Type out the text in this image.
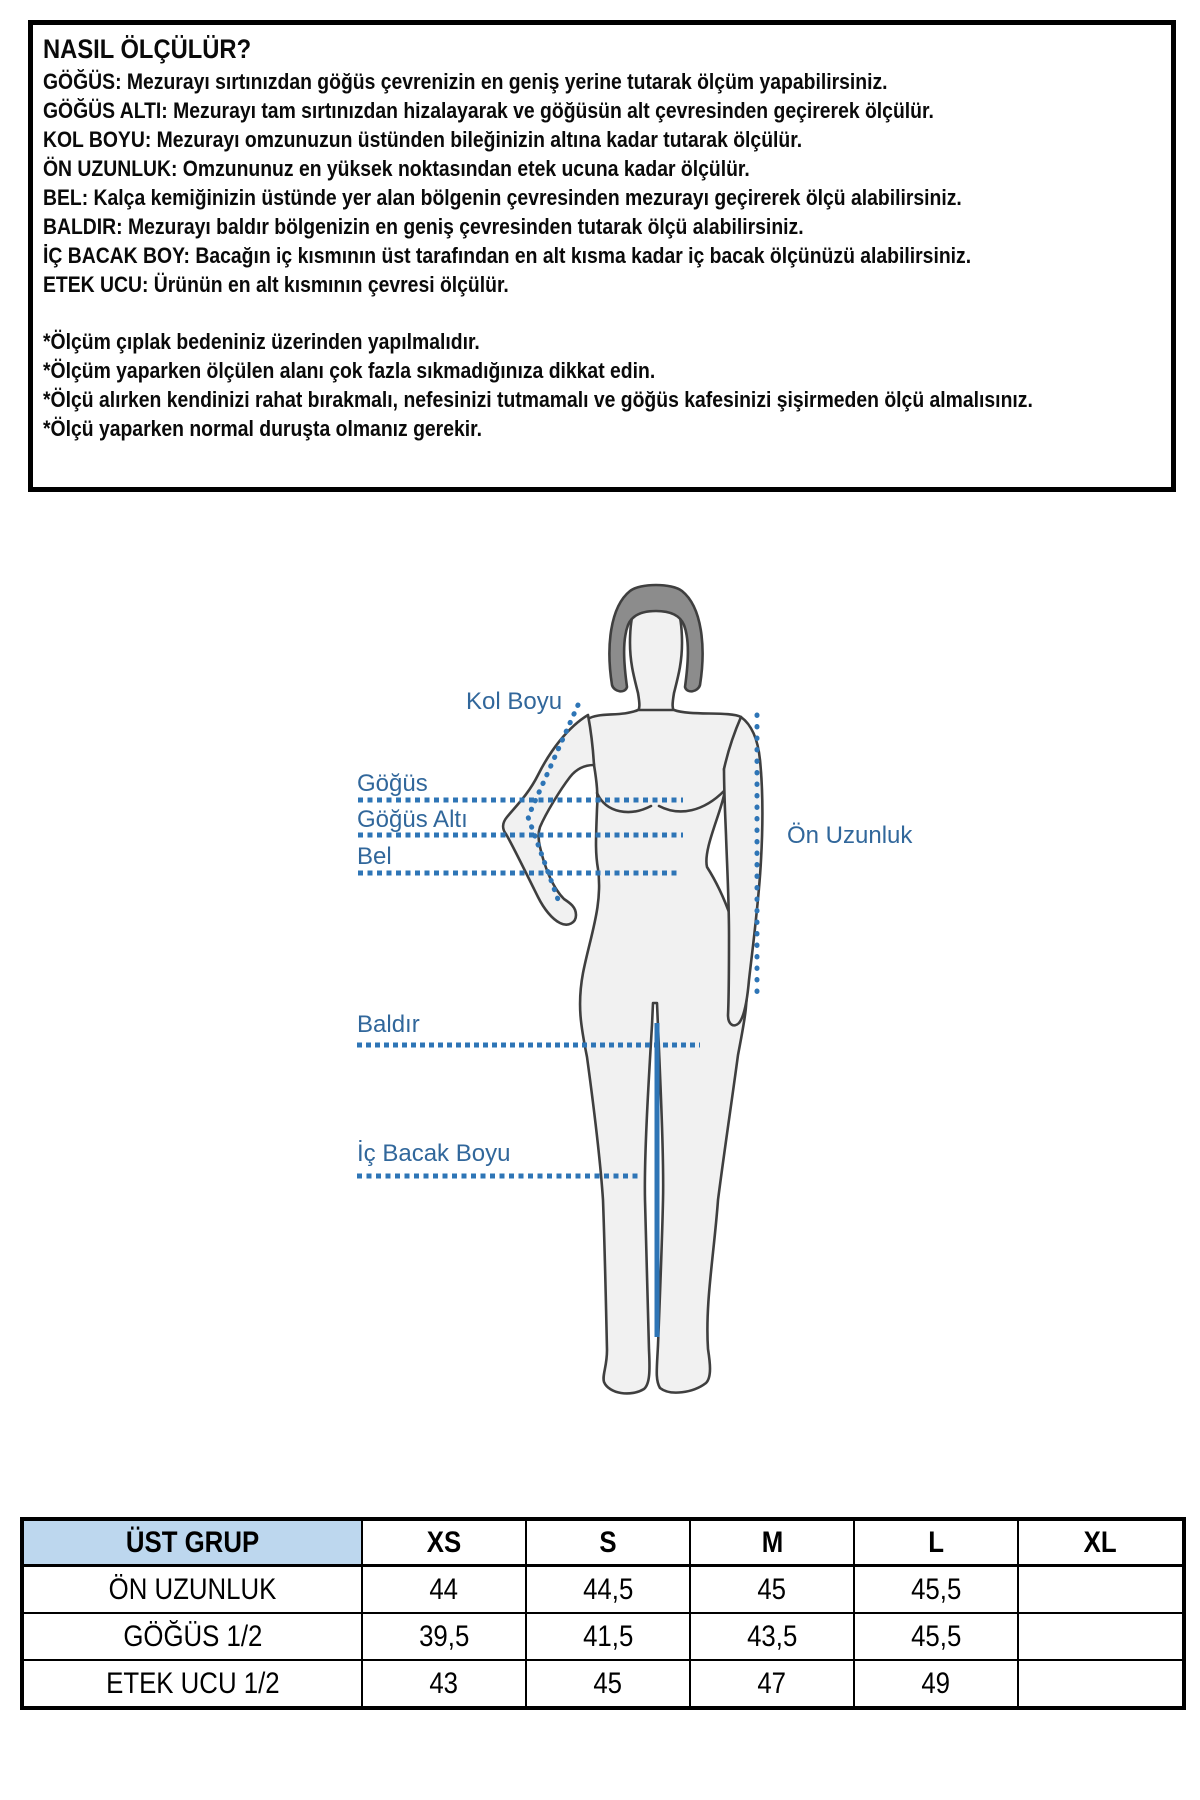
NASIL ÖLÇÜLÜR?
GÖĞÜS: Mezurayı sırtınızdan göğüs çevrenizin en geniş yerine tutarak ölçüm yapabilirsiniz.
GÖĞÜS ALTI: Mezurayı tam sırtınızdan hizalayarak ve göğüsün alt çevresinden geçirerek ölçülür.
KOL BOYU: Mezurayı omzunuzun üstünden bileğinizin altına kadar tutarak ölçülür.
ÖN UZUNLUK: Omzununuz en yüksek noktasından etek ucuna kadar ölçülür.
BEL: Kalça kemiğinizin üstünde yer alan bölgenin çevresinden mezurayı geçirerek ölçü alabilirsiniz.
BALDIR: Mezurayı baldır bölgenizin en geniş çevresinden tutarak ölçü alabilirsiniz.
İÇ BACAK BOY: Bacağın iç kısmının üst tarafından en alt kısma kadar iç bacak ölçünüzü alabilirsiniz.
ETEK UCU: Ürünün en alt kısmının çevresi ölçülür.
*Ölçüm çıplak bedeniniz üzerinden yapılmalıdır.
*Ölçüm yaparken ölçülen alanı çok fazla sıkmadığınıza dikkat edin.
*Ölçü alırken kendinizi rahat bırakmalı, nefesinizi tutmamalı ve göğüs kafesinizi şişirmeden ölçü almalısınız.
*Ölçü yaparken normal duruşta olmanız gerekir.
Kol Boyu
Göğüs
Göğüs Altı
Bel
Ön Uzunluk
Baldır
İç Bacak Boyu
ÜST GRUP	XS	S	M	L	XL
ÖN UZUNLUK	44	44,5	45	45,5	
GÖĞÜS 1/2	39,5	41,5	43,5	45,5	
ETEK UCU 1/2	43	45	47	49	
